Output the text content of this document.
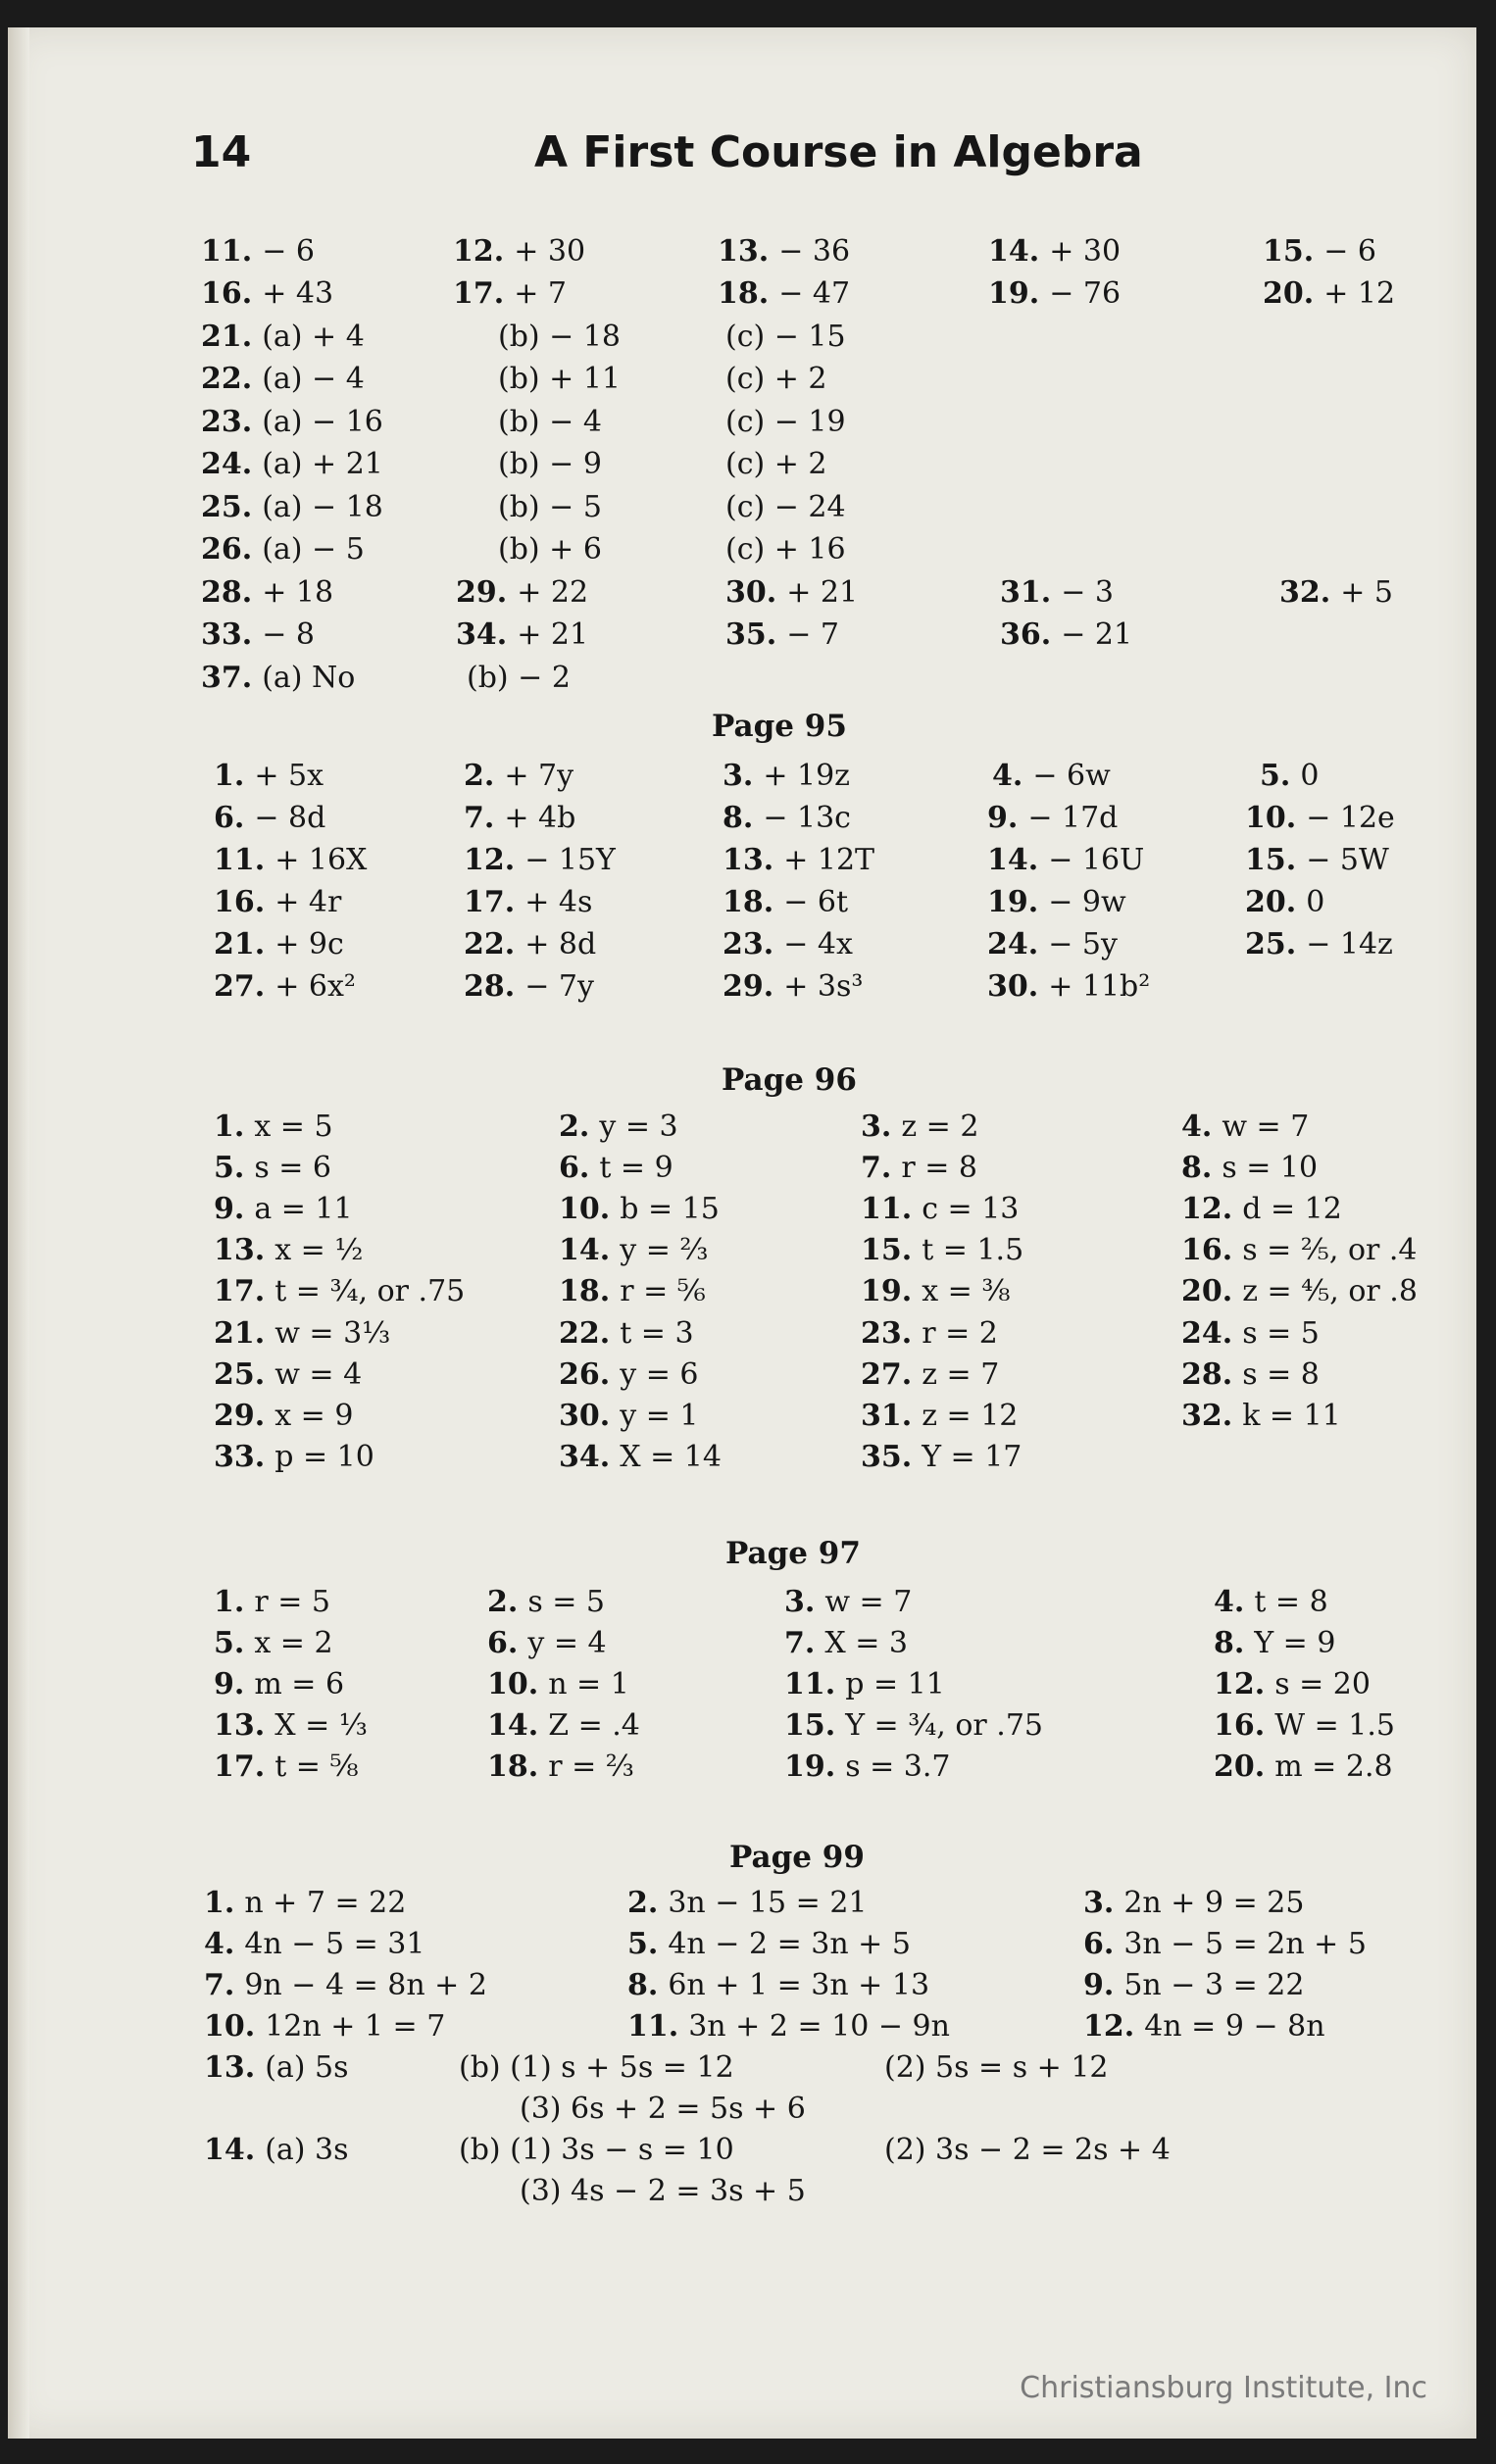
14	A First Course in Algebra
11. − 6	12. + 30	13. − 36	14. + 30	15. − 6
16. + 43	17. + 7	18. − 47	19. − 76	20. + 12
21. (a) + 4	(b) − 18	(c) − 15
22. (a) − 4	(b) + 11	(c) + 2
23. (a) − 16	(b) − 4	(c) − 19
24. (a) + 21	(b) − 9	(c) + 2
25. (a) − 18	(b) − 5	(c) − 24
26. (a) − 5	(b) + 6	(c) + 16
28. + 18	29. + 22	30. + 21	31. − 3	32. + 5
33. − 8	34. + 21	35. − 7	36. − 21
37. (a) No	(b) − 2
Page 95
1. + 5x	2. + 7y	3. + 19z	4. − 6w	5. 0
6. − 8d	7. + 4b	8. − 13c	9. − 17d	10. − 12e
11. + 16X	12. − 15Y	13. + 12T	14. − 16U	15. − 5W
16. + 4r	17. + 4s	18. − 6t	19. − 9w	20. 0
21. + 9c	22. + 8d	23. − 4x	24. − 5y	25. − 14z
27. + 6x²	28. − 7y	29. + 3s³	30. + 11b²
Page 96
1. x = 5	2. y = 3	3. z = 2	4. w = 7
5. s = 6	6. t = 9	7. r = 8	8. s = 10
9. a = 11	10. b = 15	11. c = 13	12. d = 12
13. x = ½	14. y = ⅔	15. t = 1.5	16. s = ⅖, or .4
17. t = ¾, or .75	18. r = ⅚	19. x = ⅜	20. z = ⅘, or .8
21. w = 3⅓	22. t = 3	23. r = 2	24. s = 5
25. w = 4	26. y = 6	27. z = 7	28. s = 8
29. x = 9	30. y = 1	31. z = 12	32. k = 11
33. p = 10	34. X = 14	35. Y = 17
Page 97
1. r = 5	2. s = 5	3. w = 7	4. t = 8
5. x = 2	6. y = 4	7. X = 3	8. Y = 9
9. m = 6	10. n = 1	11. p = 11	12. s = 20
13. X = ⅓	14. Z = .4	15. Y = ¾, or .75	16. W = 1.5
17. t = ⅝	18. r = ⅔	19. s = 3.7	20. m = 2.8
Page 99
1. n + 7 = 22	2. 3n − 15 = 21	3. 2n + 9 = 25
4. 4n − 5 = 31	5. 4n − 2 = 3n + 5	6. 3n − 5 = 2n + 5
7. 9n − 4 = 8n + 2	8. 6n + 1 = 3n + 13	9. 5n − 3 = 22
10. 12n + 1 = 7	11. 3n + 2 = 10 − 9n	12. 4n = 9 − 8n
13. (a) 5s	(b) (1) s + 5s = 12	(2) 5s = s + 12
(3) 6s + 2 = 5s + 6
14. (a) 3s	(b) (1) 3s − s = 10	(2) 3s − 2 = 2s + 4
(3) 4s − 2 = 3s + 5
Christiansburg Institute, Inc
